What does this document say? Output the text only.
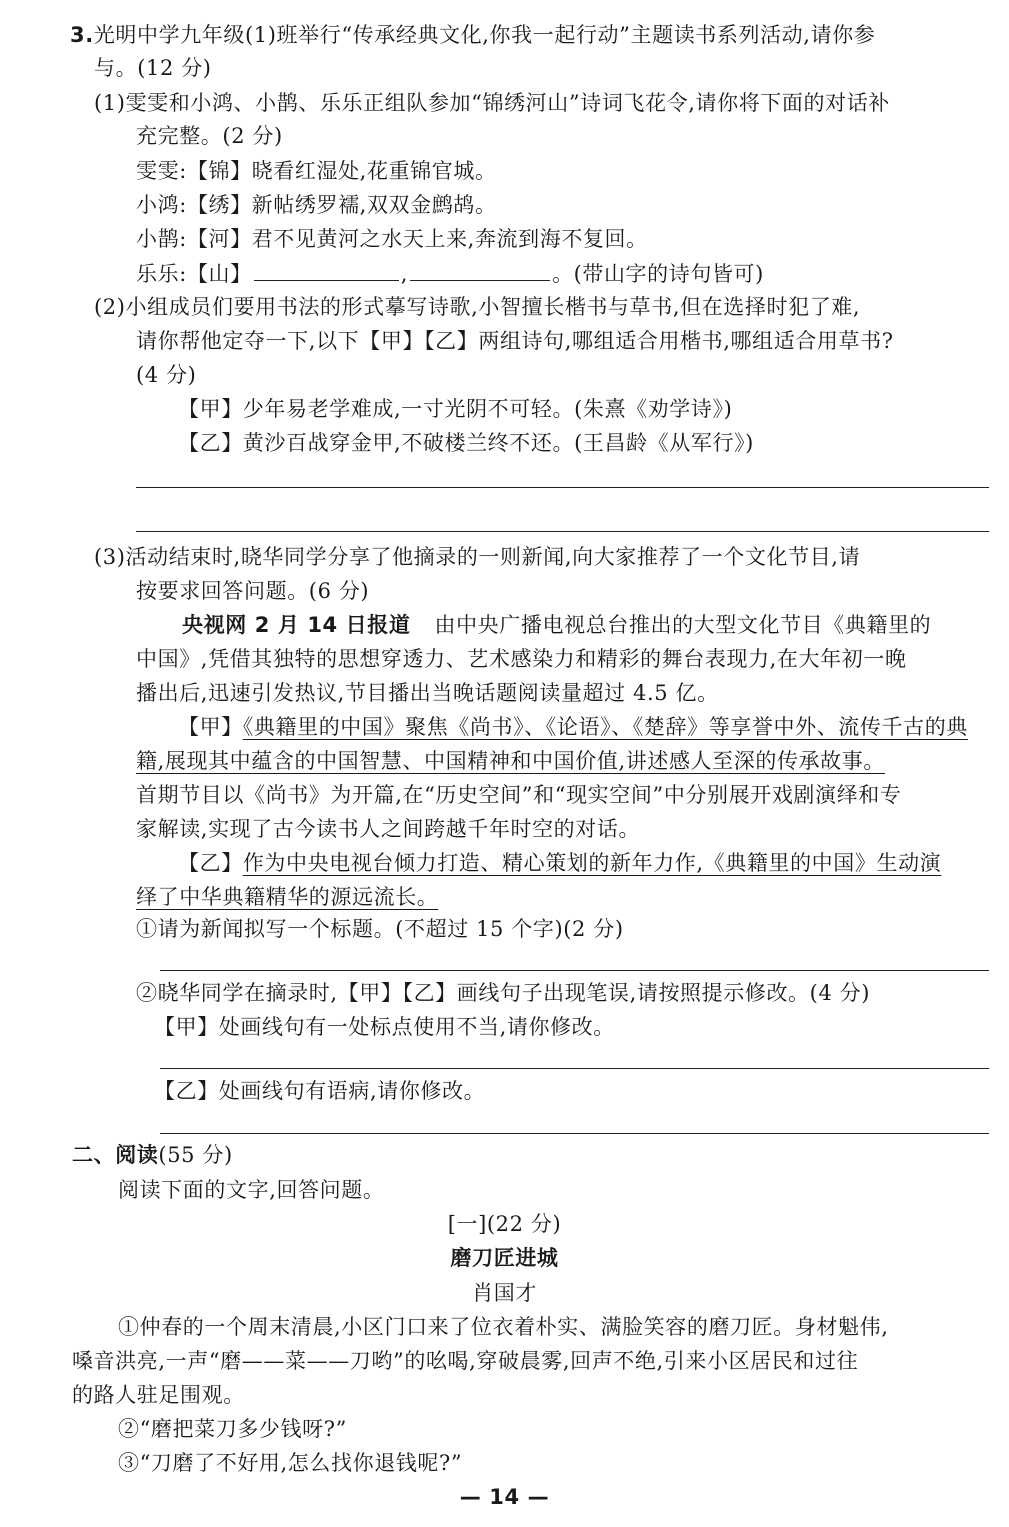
3.光明中学九年级(1)班举行“传承经典文化,你我一起行动”主题读书系列活动,请你参
与。(12 分)
(1)雯雯和小鸿、小鹊、乐乐正组队参加“锦绣河山”诗词飞花令,请你将下面的对话补
充完整。(2 分)
雯雯:【锦】晓看红湿处,花重锦官城。
小鸿:【绣】新帖绣罗襦,双双金鹧鸪。
小鹊:【河】君不见黄河之水天上来,奔流到海不复回。
乐乐:【山】	,	。(带山字的诗句皆可)
(2)小组成员们要用书法的形式摹写诗歌,小智擅长楷书与草书,但在选择时犯了难,
请你帮他定夺一下,以下【甲】【乙】两组诗句,哪组适合用楷书,哪组适合用草书?
(4 分)
【甲】少年易老学难成,一寸光阴不可轻。(朱熹《劝学诗》)
【乙】黄沙百战穿金甲,不破楼兰终不还。(王昌龄《从军行》)
(3)活动结束时,晓华同学分享了他摘录的一则新闻,向大家推荐了一个文化节目,请
按要求回答问题。(6 分)
央视网 2 月 14 日报道 由中央广播电视总台推出的大型文化节目《典籍里的
中国》,凭借其独特的思想穿透力、艺术感染力和精彩的舞台表现力,在大年初一晚
播出后,迅速引发热议,节目播出当晚话题阅读量超过 4.5 亿。
【甲】《典籍里的中国》聚焦《尚书》、《论语》、《楚辞》等享誉中外、流传千古的典
籍,展现其中蕴含的中国智慧、中国精神和中国价值,讲述感人至深的传承故事。
首期节目以《尚书》为开篇,在“历史空间”和“现实空间”中分别展开戏剧演绎和专
家解读,实现了古今读书人之间跨越千年时空的对话。
【乙】作为中央电视台倾力打造、精心策划的新年力作,《典籍里的中国》生动演
绎了中华典籍精华的源远流长。
①请为新闻拟写一个标题。(不超过 15 个字)(2 分)
②晓华同学在摘录时,【甲】【乙】画线句子出现笔误,请按照提示修改。(4 分)
【甲】处画线句有一处标点使用不当,请你修改。
【乙】处画线句有语病,请你修改。
二、阅读(55 分)
阅读下面的文字,回答问题。
[一](22 分)
磨刀匠进城
肖国才
①仲春的一个周末清晨,小区门口来了位衣着朴实、满脸笑容的磨刀匠。身材魁伟,
嗓音洪亮,一声“磨——菜——刀哟”的吆喝,穿破晨雾,回声不绝,引来小区居民和过往
的路人驻足围观。
②“磨把菜刀多少钱呀?”
③“刀磨了不好用,怎么找你退钱呢?”
— 14 —
